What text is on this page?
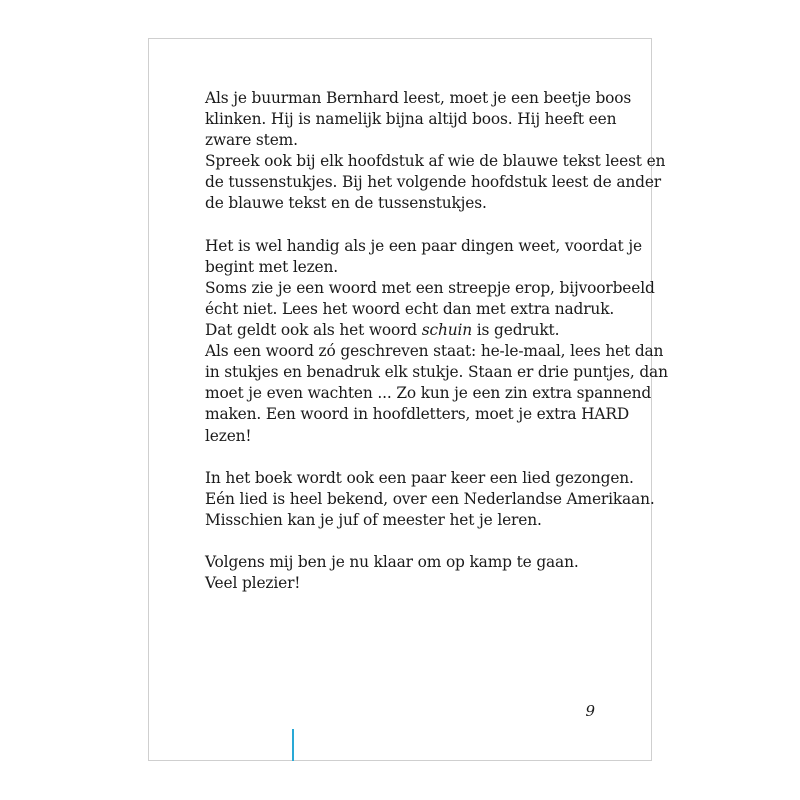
Als je buurman Bernhard leest, moet je een beetje boos
klinken. Hij is namelijk bijna altijd boos. Hij heeft een
zware stem.
Spreek ook bij elk hoofdstuk af wie de blauwe tekst leest en
de tussenstukjes. Bij het volgende hoofdstuk leest de ander
de blauwe tekst en de tussenstukjes.
Het is wel handig als je een paar dingen weet, voordat je
begint met lezen.
Soms zie je een woord met een streepje erop, bijvoorbeeld
écht niet. Lees het woord echt dan met extra nadruk.
Dat geldt ook als het woord schuin is gedrukt.
Als een woord zó geschreven staat: he-le-maal, lees het dan
in stukjes en benadruk elk stukje. Staan er drie puntjes, dan
moet je even wachten ... Zo kun je een zin extra spannend
maken. Een woord in hoofdletters, moet je extra HARD
lezen!
In het boek wordt ook een paar keer een lied gezongen.
Eén lied is heel bekend, over een Nederlandse Amerikaan.
Misschien kan je juf of meester het je leren.
Volgens mij ben je nu klaar om op kamp te gaan.
Veel plezier!
9
